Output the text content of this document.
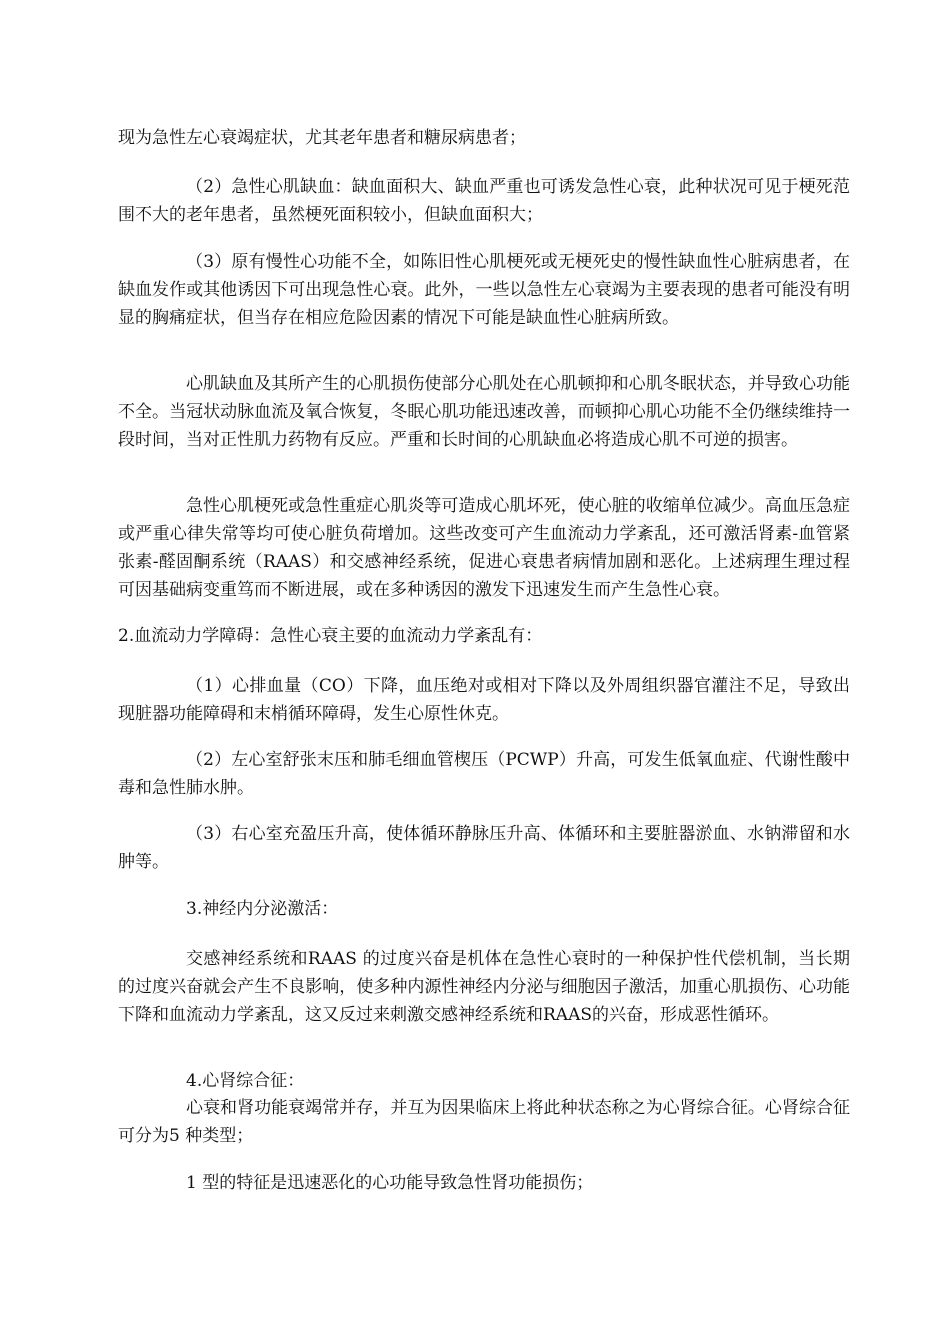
现为急性左心衰竭症状，尤其老年患者和糖尿病患者；

（2）急性心肌缺血：缺血面积大、缺血严重也可诱发急性心衰，此种状况可见于梗死范围不大的老年患者，虽然梗死面积较小，但缺血面积大；

（3）原有慢性心功能不全，如陈旧性心肌梗死或无梗死史的慢性缺血性心脏病患者，在缺血发作或其他诱因下可出现急性心衰。此外，一些以急性左心衰竭为主要表现的患者可能没有明显的胸痛症状，但当存在相应危险因素的情况下可能是缺血性心脏病所致。

心肌缺血及其所产生的心肌损伤使部分心肌处在心肌顿抑和心肌冬眠状态，并导致心功能不全。当冠状动脉血流及氧合恢复，冬眠心肌功能迅速改善，而顿抑心肌心功能不全仍继续维持一段时间，当对正性肌力药物有反应。严重和长时间的心肌缺血必将造成心肌不可逆的损害。

急性心肌梗死或急性重症心肌炎等可造成心肌坏死，使心脏的收缩单位减少。高血压急症或严重心律失常等均可使心脏负荷增加。这些改变可产生血流动力学紊乱，还可激活肾素-血管紧张素-醛固酮系统（RAAS）和交感神经系统，促进心衰患者病情加剧和恶化。上述病理生理过程可因基础病变重笃而不断进展，或在多种诱因的激发下迅速发生而产生急性心衰。

2.血流动力学障碍：急性心衰主要的血流动力学紊乱有：

（1）心排血量（CO）下降，血压绝对或相对下降以及外周组织器官灌注不足，导致出现脏器功能障碍和末梢循环障碍，发生心原性休克。

（2）左心室舒张末压和肺毛细血管楔压（PCWP）升高，可发生低氧血症、代谢性酸中毒和急性肺水肿。

（3）右心室充盈压升高，使体循环静脉压升高、体循环和主要脏器淤血、水钠滞留和水肿等。

3.神经内分泌激活：

交感神经系统和RAAS 的过度兴奋是机体在急性心衰时的一种保护性代偿机制，当长期的过度兴奋就会产生不良影响，使多种内源性神经内分泌与细胞因子激活，加重心肌损伤、心功能下降和血流动力学紊乱，这又反过来刺激交感神经系统和RAAS的兴奋，形成恶性循环。

4.心肾综合征：

心衰和肾功能衰竭常并存，并互为因果临床上将此种状态称之为心肾综合征。心肾综合征可分为5 种类型；

1 型的特征是迅速恶化的心功能导致急性肾功能损伤；
